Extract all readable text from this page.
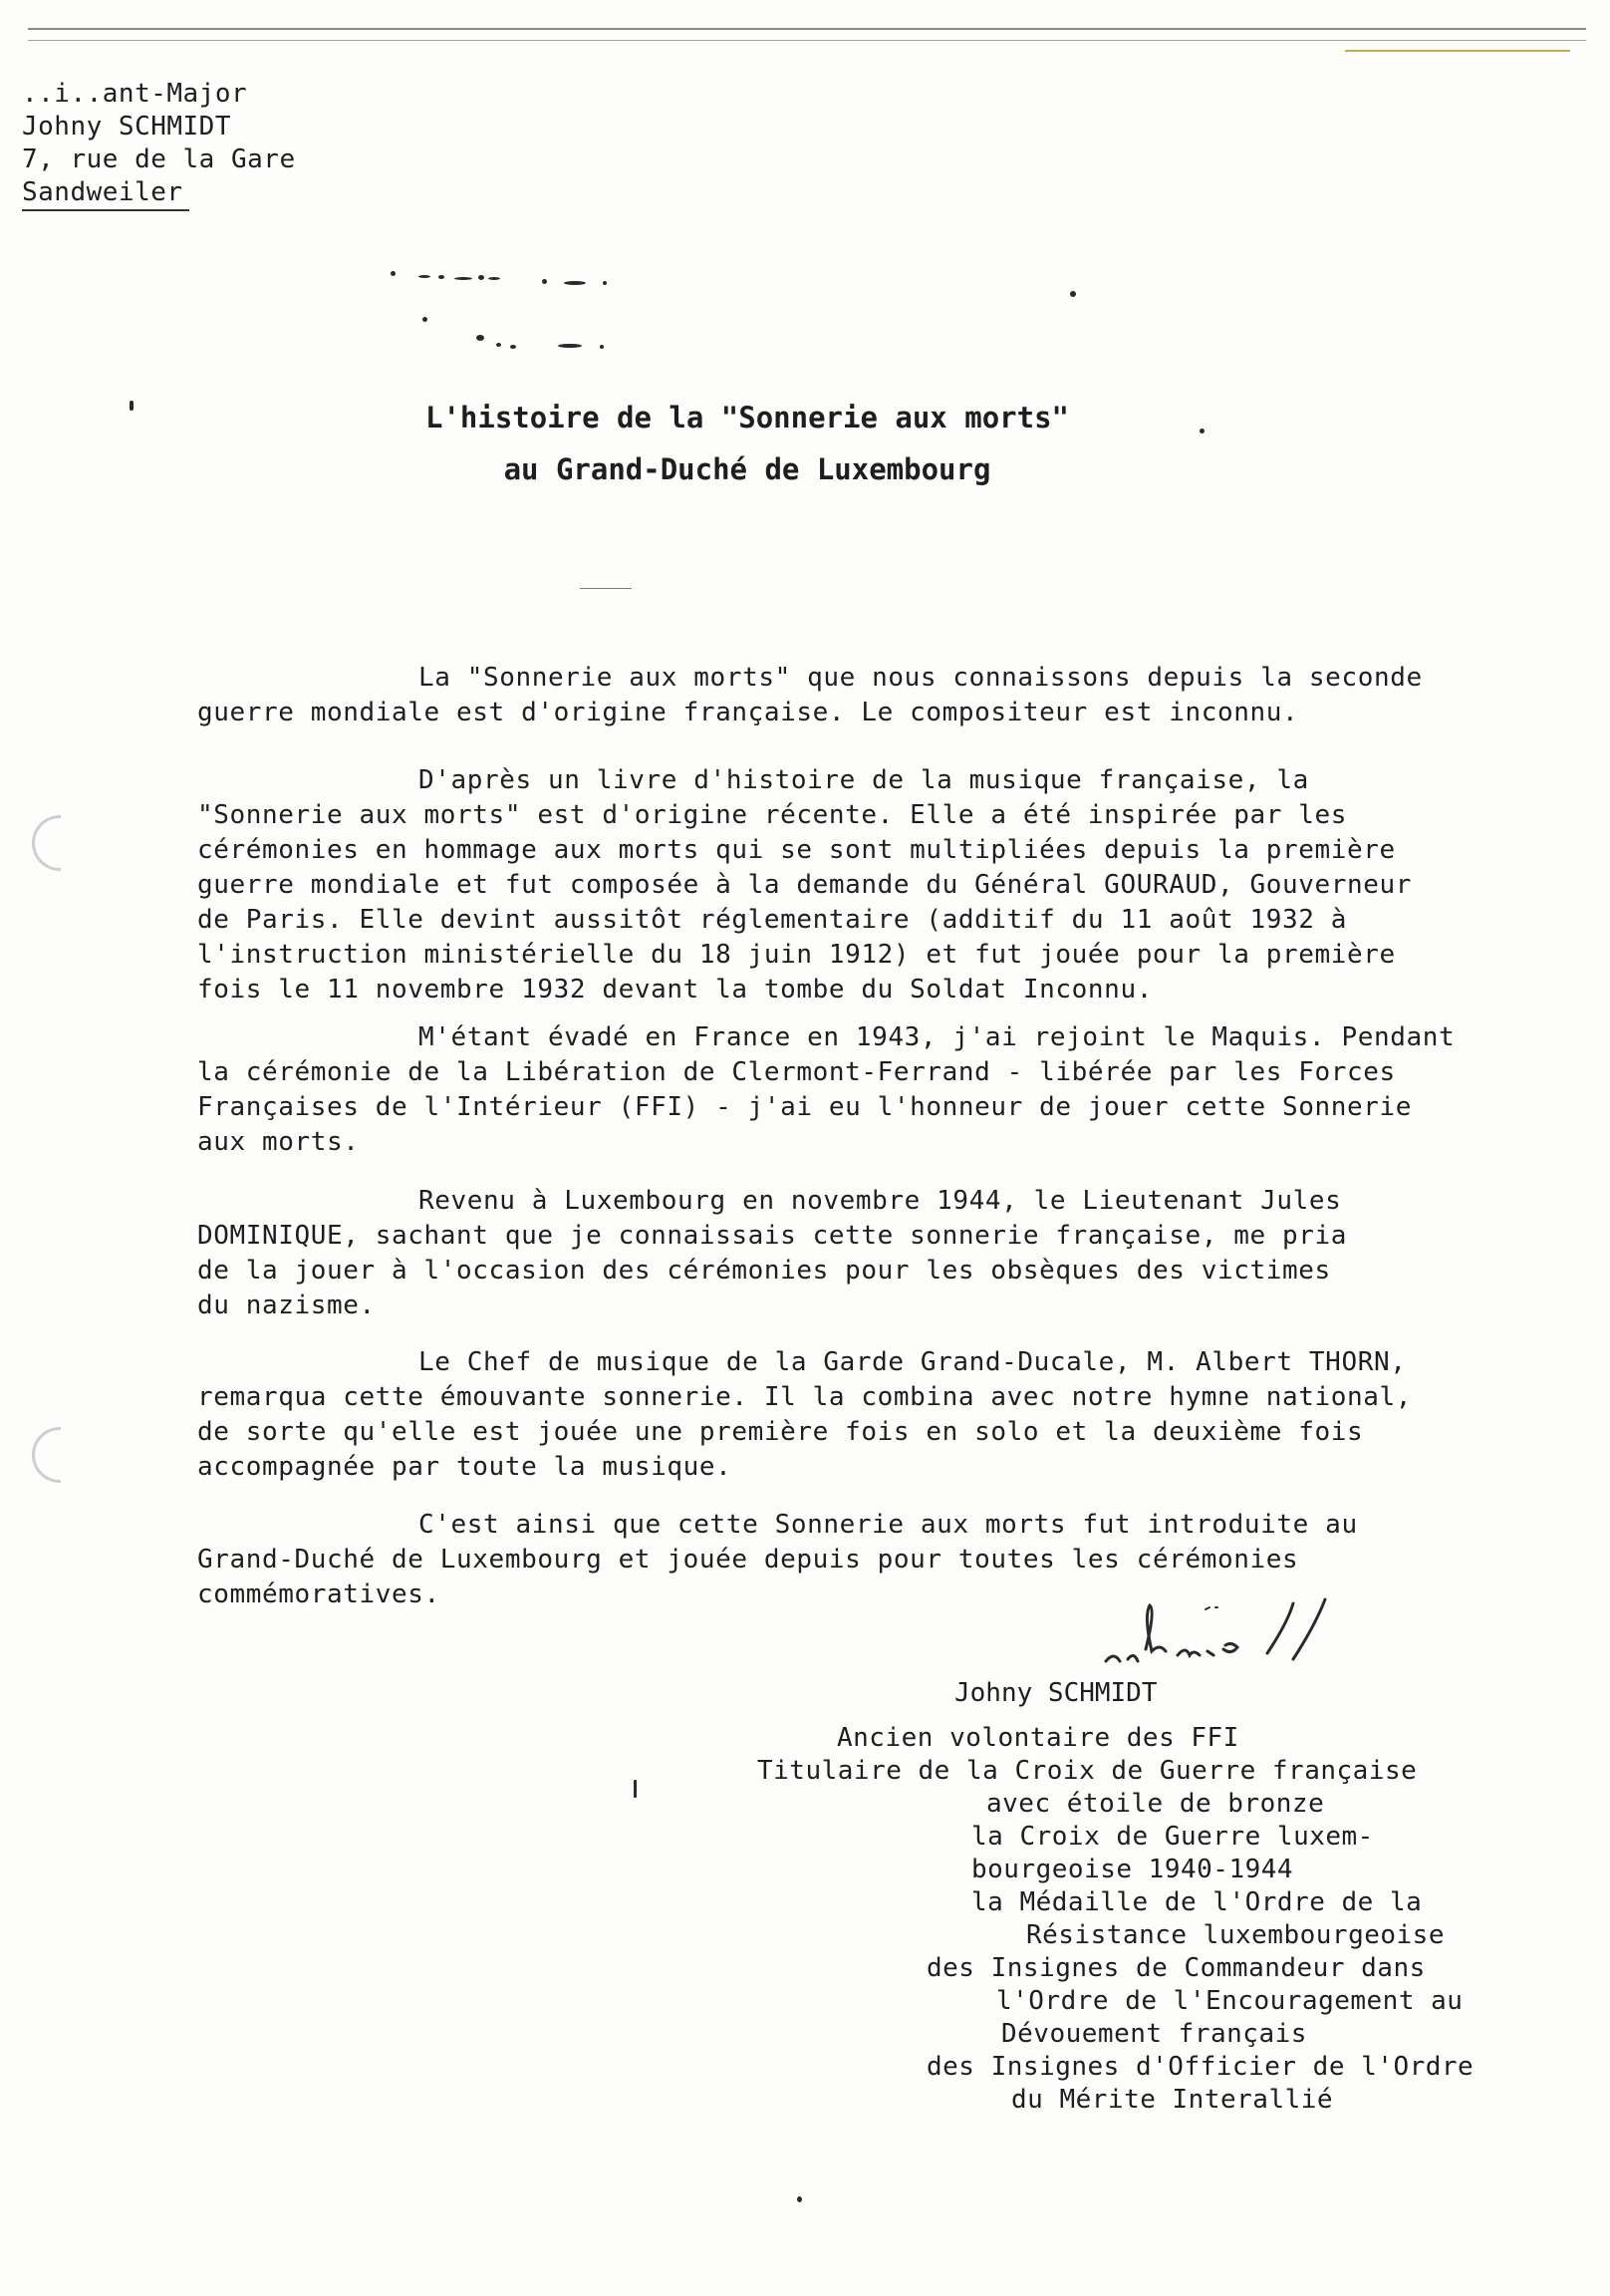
..i..ant-Major
Johny SCHMIDT
7, rue de la Gare
Sandweiler
L'histoire de la "Sonnerie aux morts"
au Grand-Duché de Luxembourg
La "Sonnerie aux morts" que nous connaissons depuis la seconde
guerre mondiale est d'origine française. Le compositeur est inconnu.
D'après un livre d'histoire de la musique française, la
"Sonnerie aux morts" est d'origine récente. Elle a été inspirée par les
cérémonies en hommage aux morts qui se sont multipliées depuis la première
guerre mondiale et fut composée à la demande du Général GOURAUD, Gouverneur
de Paris. Elle devint aussitôt réglementaire (additif du 11 août 1932 à
l'instruction ministérielle du 18 juin 1912) et fut jouée pour la première
fois le 11 novembre 1932 devant la tombe du Soldat Inconnu.
M'étant évadé en France en 1943, j'ai rejoint le Maquis. Pendant
la cérémonie de la Libération de Clermont-Ferrand - libérée par les Forces
Françaises de l'Intérieur (FFI) - j'ai eu l'honneur de jouer cette Sonnerie
aux morts.
Revenu à Luxembourg en novembre 1944, le Lieutenant Jules
DOMINIQUE, sachant que je connaissais cette sonnerie française, me pria
de la jouer à l'occasion des cérémonies pour les obsèques des victimes
du nazisme.
Le Chef de musique de la Garde Grand-Ducale, M. Albert THORN,
remarqua cette émouvante sonnerie. Il la combina avec notre hymne national,
de sorte qu'elle est jouée une première fois en solo et la deuxième fois
accompagnée par toute la musique.
C'est ainsi que cette Sonnerie aux morts fut introduite au
Grand-Duché de Luxembourg et jouée depuis pour toutes les cérémonies
commémoratives.
Johny SCHMIDT
Ancien volontaire des FFI
Titulaire de la Croix de Guerre française
avec étoile de bronze
la Croix de Guerre luxem-
bourgeoise 1940-1944
la Médaille de l'Ordre de la
Résistance luxembourgeoise
des Insignes de Commandeur dans
l'Ordre de l'Encouragement au
Dévouement français
des Insignes d'Officier de l'Ordre
du Mérite Interallié
